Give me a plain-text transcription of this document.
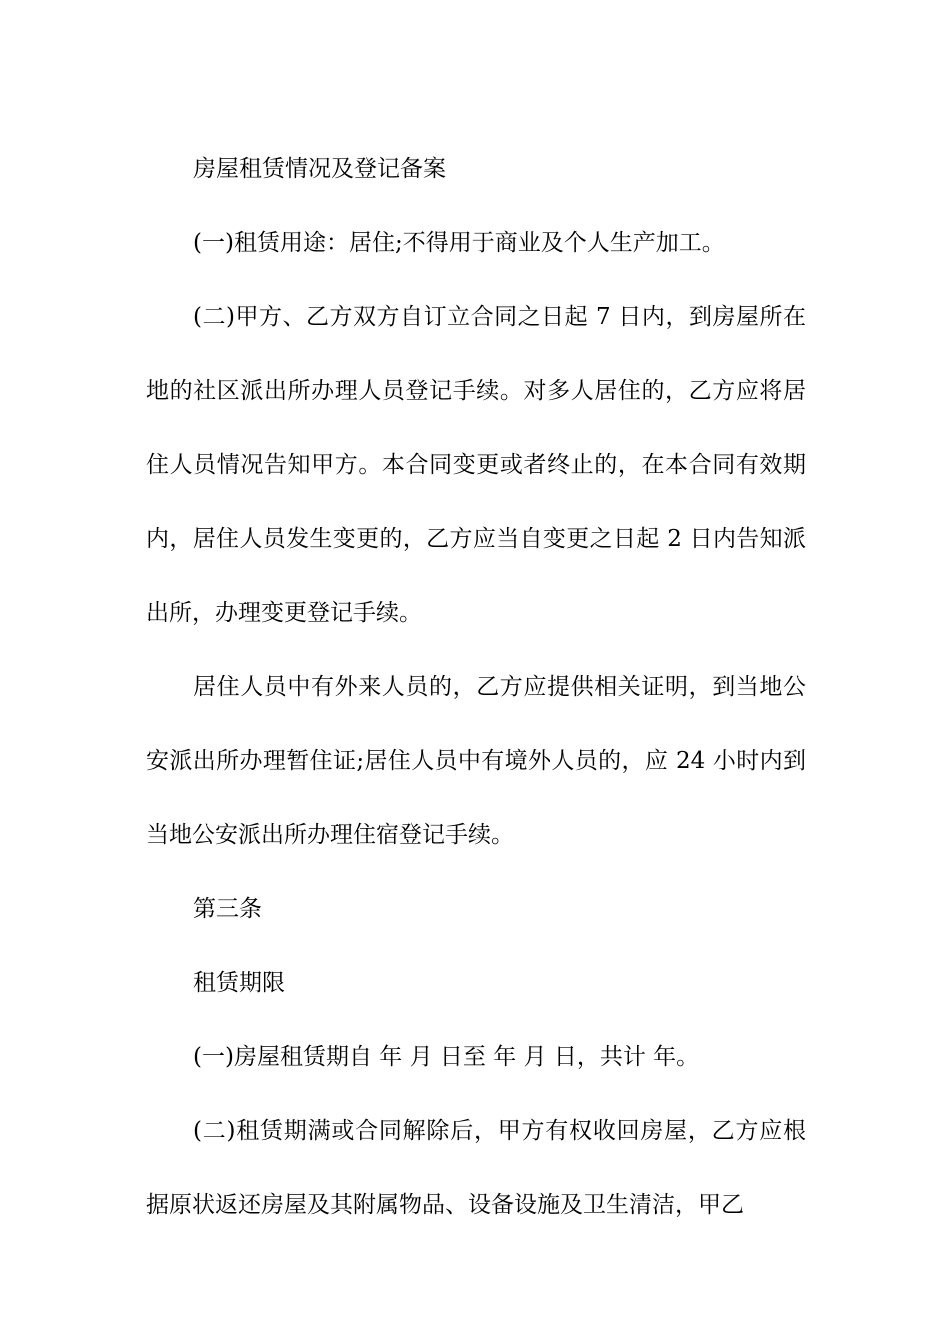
房屋租赁情况及登记备案

(一)租赁用途：居住;不得用于商业及个人生产加工。

(二)甲方、乙方双方自订立合同之日起 7 日内，到房屋所在地的社区派出所办理人员登记手续。对多人居住的，乙方应将居住人员情况告知甲方。本合同变更或者终止的，在本合同有效期内，居住人员发生变更的，乙方应当自变更之日起 2 日内告知派出所，办理变更登记手续。

居住人员中有外来人员的，乙方应提供相关证明，到当地公安派出所办理暂住证;居住人员中有境外人员的，应 24 小时内到当地公安派出所办理住宿登记手续。

第三条

租赁期限

(一)房屋租赁期自 年 月 日至 年 月 日，共计 年。

(二)租赁期满或合同解除后，甲方有权收回房屋，乙方应根据原状返还房屋及其附属物品、设备设施及卫生清洁，甲乙
